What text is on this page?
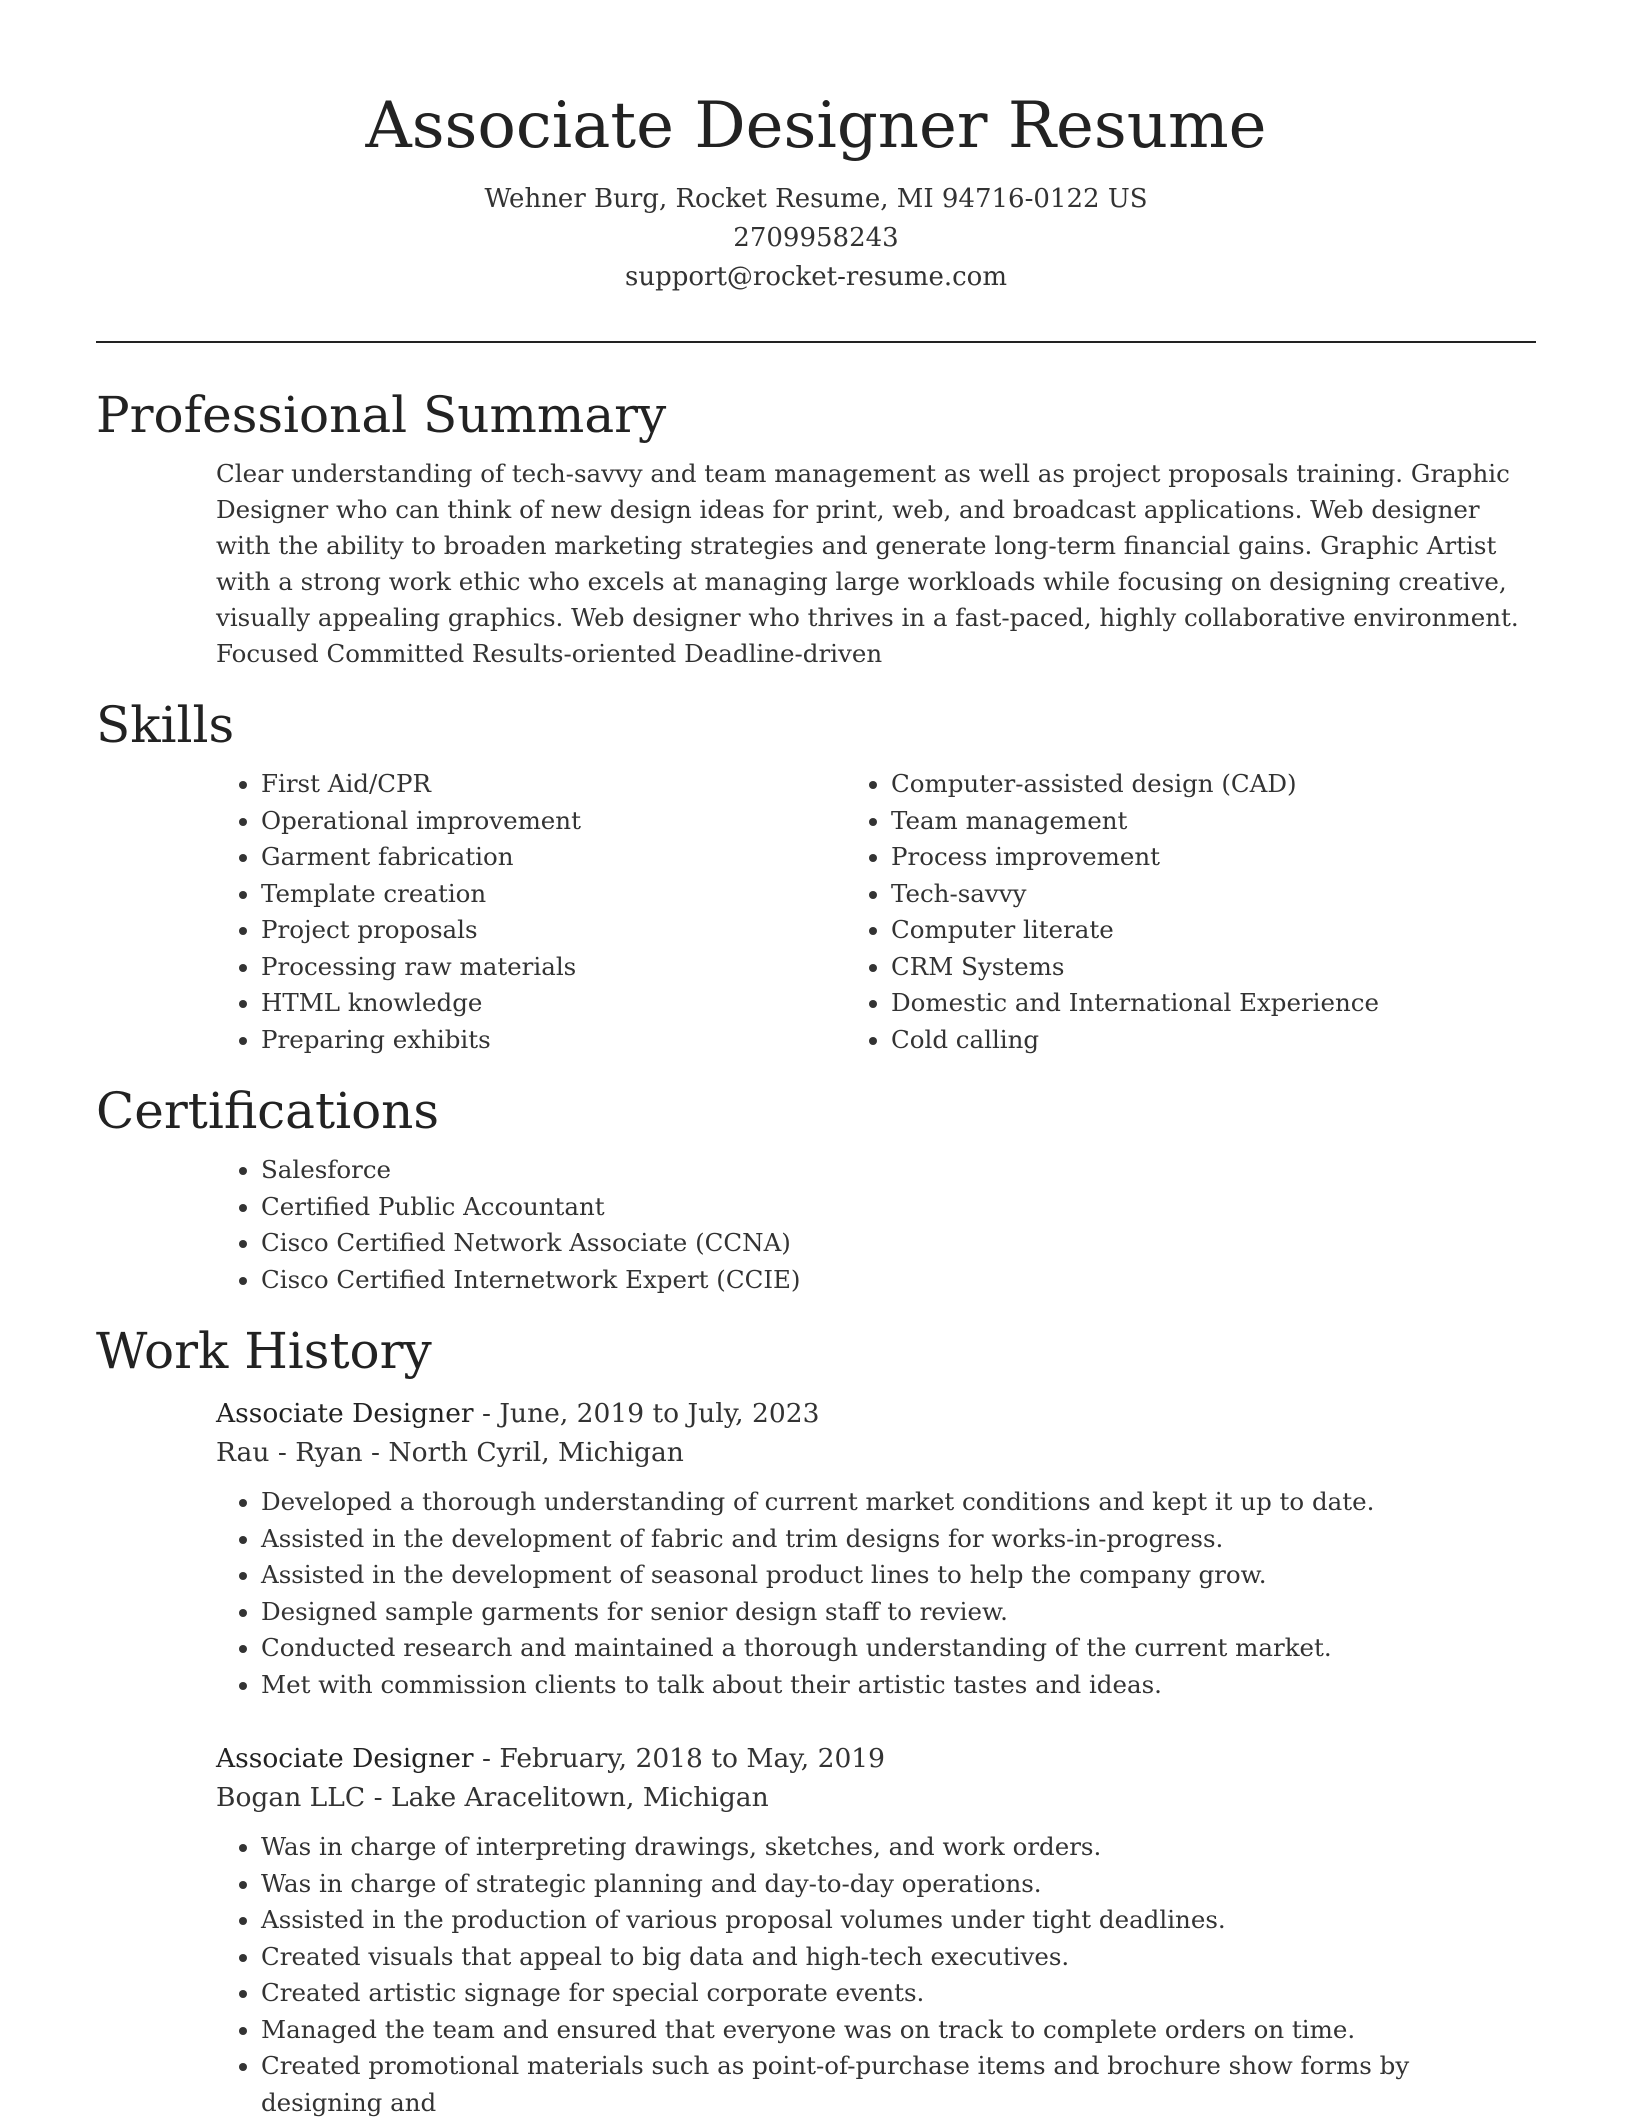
Associate Designer Resume
Wehner Burg, Rocket Resume, MI 94716-0122 US
2709958243
support@rocket-resume.com
Professional Summary

Clear understanding of tech-savvy and team management as well as project proposals training. Graphic Designer who can think of new design ideas for print, web, and broadcast applications. Web designer with the ability to broaden marketing strategies and generate long-term financial gains. Graphic Artist with a strong work ethic who excels at managing large workloads while focusing on designing creative, visually appealing graphics. Web designer who thrives in a fast-paced, highly collaborative environment. Focused Committed Results-oriented Deadline-driven

Skills
• First Aid/CPR
• Operational improvement
• Garment fabrication
• Template creation
• Project proposals
• Processing raw materials
• HTML knowledge
• Preparing exhibits
• Computer-assisted design (CAD)
• Team management
• Process improvement
• Tech-savvy
• Computer literate
• CRM Systems
• Domestic and International Experience
• Cold calling
Certifications
• Salesforce
• Certified Public Accountant
• Cisco Certified Network Associate (CCNA)
• Cisco Certified Internetwork Expert (CCIE)
Work History
Associate Designer - June, 2019 to July, 2023
Rau - Ryan - North Cyril, Michigan
• Developed a thorough understanding of current market conditions and kept it up to date.
• Assisted in the development of fabric and trim designs for works-in-progress.
• Assisted in the development of seasonal product lines to help the company grow.
• Designed sample garments for senior design staff to review.
• Conducted research and maintained a thorough understanding of the current market.
• Met with commission clients to talk about their artistic tastes and ideas.
Associate Designer - February, 2018 to May, 2019
Bogan LLC - Lake Aracelitown, Michigan
• Was in charge of interpreting drawings, sketches, and work orders.
• Was in charge of strategic planning and day-to-day operations.
• Assisted in the production of various proposal volumes under tight deadlines.
• Created visuals that appeal to big data and high-tech executives.
• Created artistic signage for special corporate events.
• Managed the team and ensured that everyone was on track to complete orders on time.
• Created promotional materials such as point-of-purchase items and brochure show forms by designing and
